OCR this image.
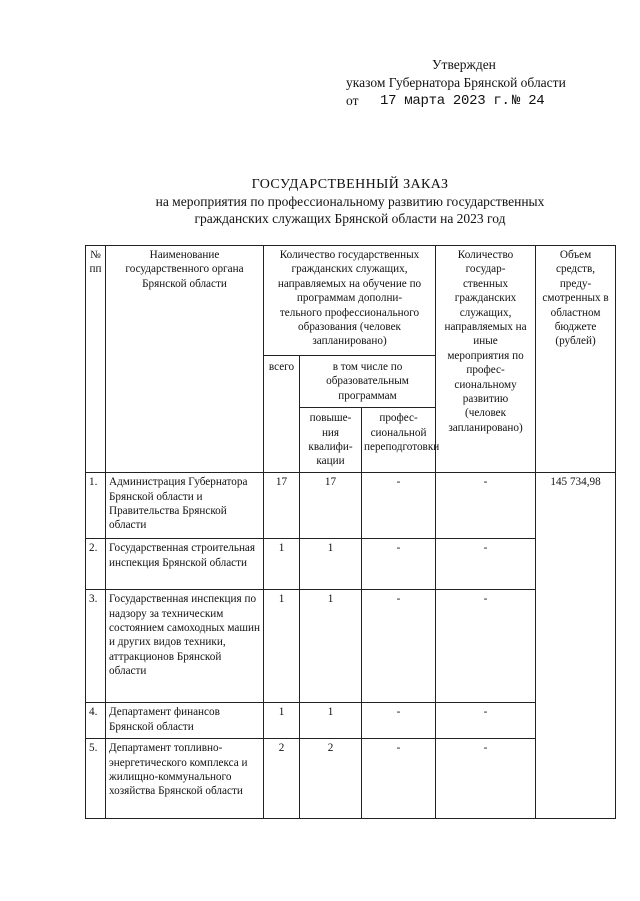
Утвержден
указом Губернатора Брянской области
от	17 марта 2023 г. № 24
ГОСУДАРСТВЕННЫЙ ЗАКАЗ
на мероприятия по профессиональному развитию государственных
гражданских служащих Брянской области на 2023 год
№ пп	Наименование государственного органа Брянской области	Количество государственных гражданских служащих, направляемых на обучение по программам дополни-тельного профессионального образования (человек запланировано)			Количество государ-ственных гражданских служащих, направляемых на иные мероприятия по профес-сиональному развитию (человек запланировано)	Объем средств, преду-смотренных в областном бюджете (рублей)
		всего	в том числе по образовательным программам			
			повыше-ния квалифи-кации	профес-сиональной переподготовки		
1.	Администрация Губернатора Брянской области и Правительства Брянской области	17	17	-	-	145 734,98
2.	Государственная строительная инспекция Брянской области	1	1	-	-	
3.	Государственная инспекция по надзору за техническим состоянием самоходных машин и других видов техники, аттракционов Брянской области	1	1	-	-	
4.	Департамент финансов Брянской области	1	1	-	-	
5.	Департамент топливно-энергетического комплекса и жилищно-коммунального хозяйства Брянской области	2	2	-	-	
